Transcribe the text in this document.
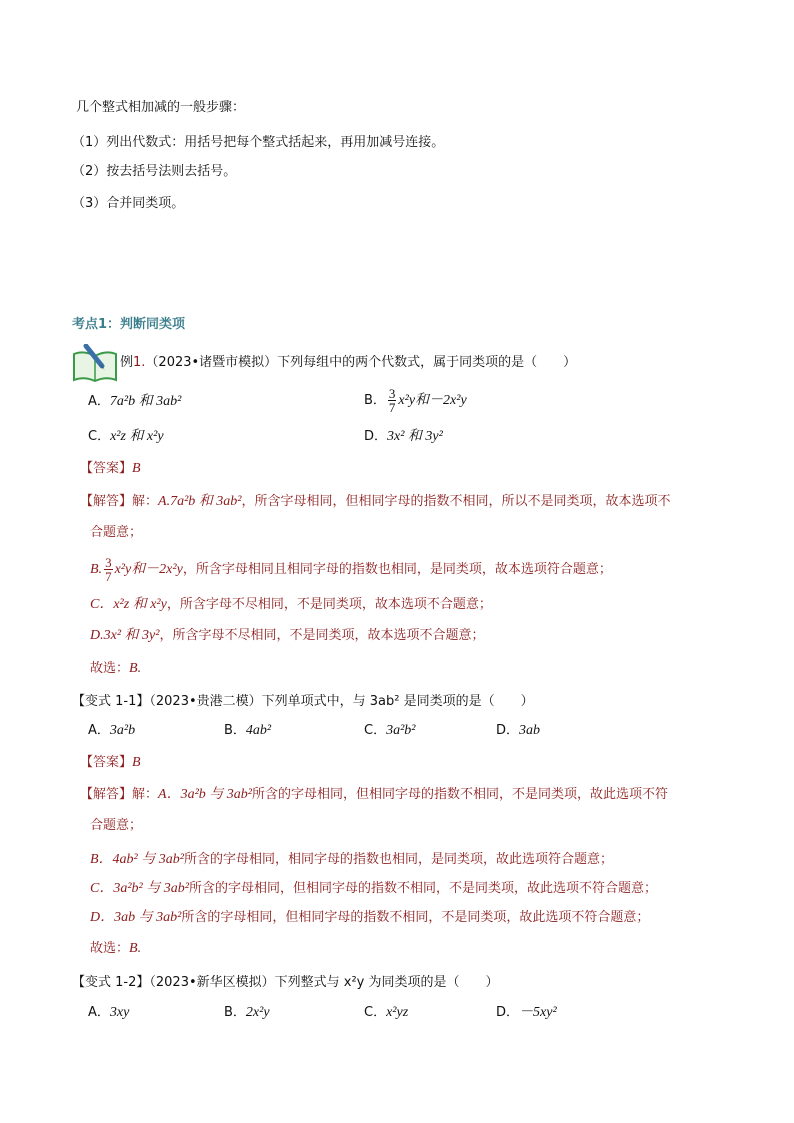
几个整式相加减的一般步骤：
（1）列出代数式：用括号把每个整式括起来，再用加减号连接。
（2）按去括号法则去括号。
（3）合并同类项。
考点1：判断同类项
例1.（2023•诸暨市模拟）下列每组中的两个代数式，属于同类项的是（　　）
A．7a²b 和 3ab²	B． $\frac{3}{7} x^2y$和－2x²y
C．x²z 和 x²y	D．3x² 和 3y²
【答案】B
【解答】解：A.7a²b 和 3ab²，所含字母相同，但相同字母的指数不相同，所以不是同类项，故本选项不
合题意；
B. $\frac{3}{7} x^2y$和－2x²y，所含字母相同且相同字母的指数也相同，是同类项，故本选项符合题意；
C．x²z 和 x²y，所含字母不尽相同，不是同类项，故本选项不合题意；
D.3x² 和 3y²，所含字母不尽相同，不是同类项，故本选项不合题意；
故选：B.
【变式 1-1】（2023•贵港二模）下列单项式中，与 3ab² 是同类项的是（　　）
A．3a²b	B．4ab²	C．3a²b²	D．3ab
【答案】B
【解答】解：A．3a²b 与 3ab²所含的字母相同，但相同字母的指数不相同，不是同类项，故此选项不符
合题意；
B．4ab² 与 3ab²所含的字母相同，相同字母的指数也相同，是同类项，故此选项符合题意；
C．3a²b² 与 3ab²所含的字母相同，但相同字母的指数不相同，不是同类项，故此选项不符合题意；
D．3ab 与 3ab²所含的字母相同，但相同字母的指数不相同，不是同类项，故此选项不符合题意；
故选：B.
【变式 1-2】（2023•新华区模拟）下列整式与 x²y 为同类项的是（　　）
A．3xy	B．2x²y	C．x²yz	D．－5xy²
